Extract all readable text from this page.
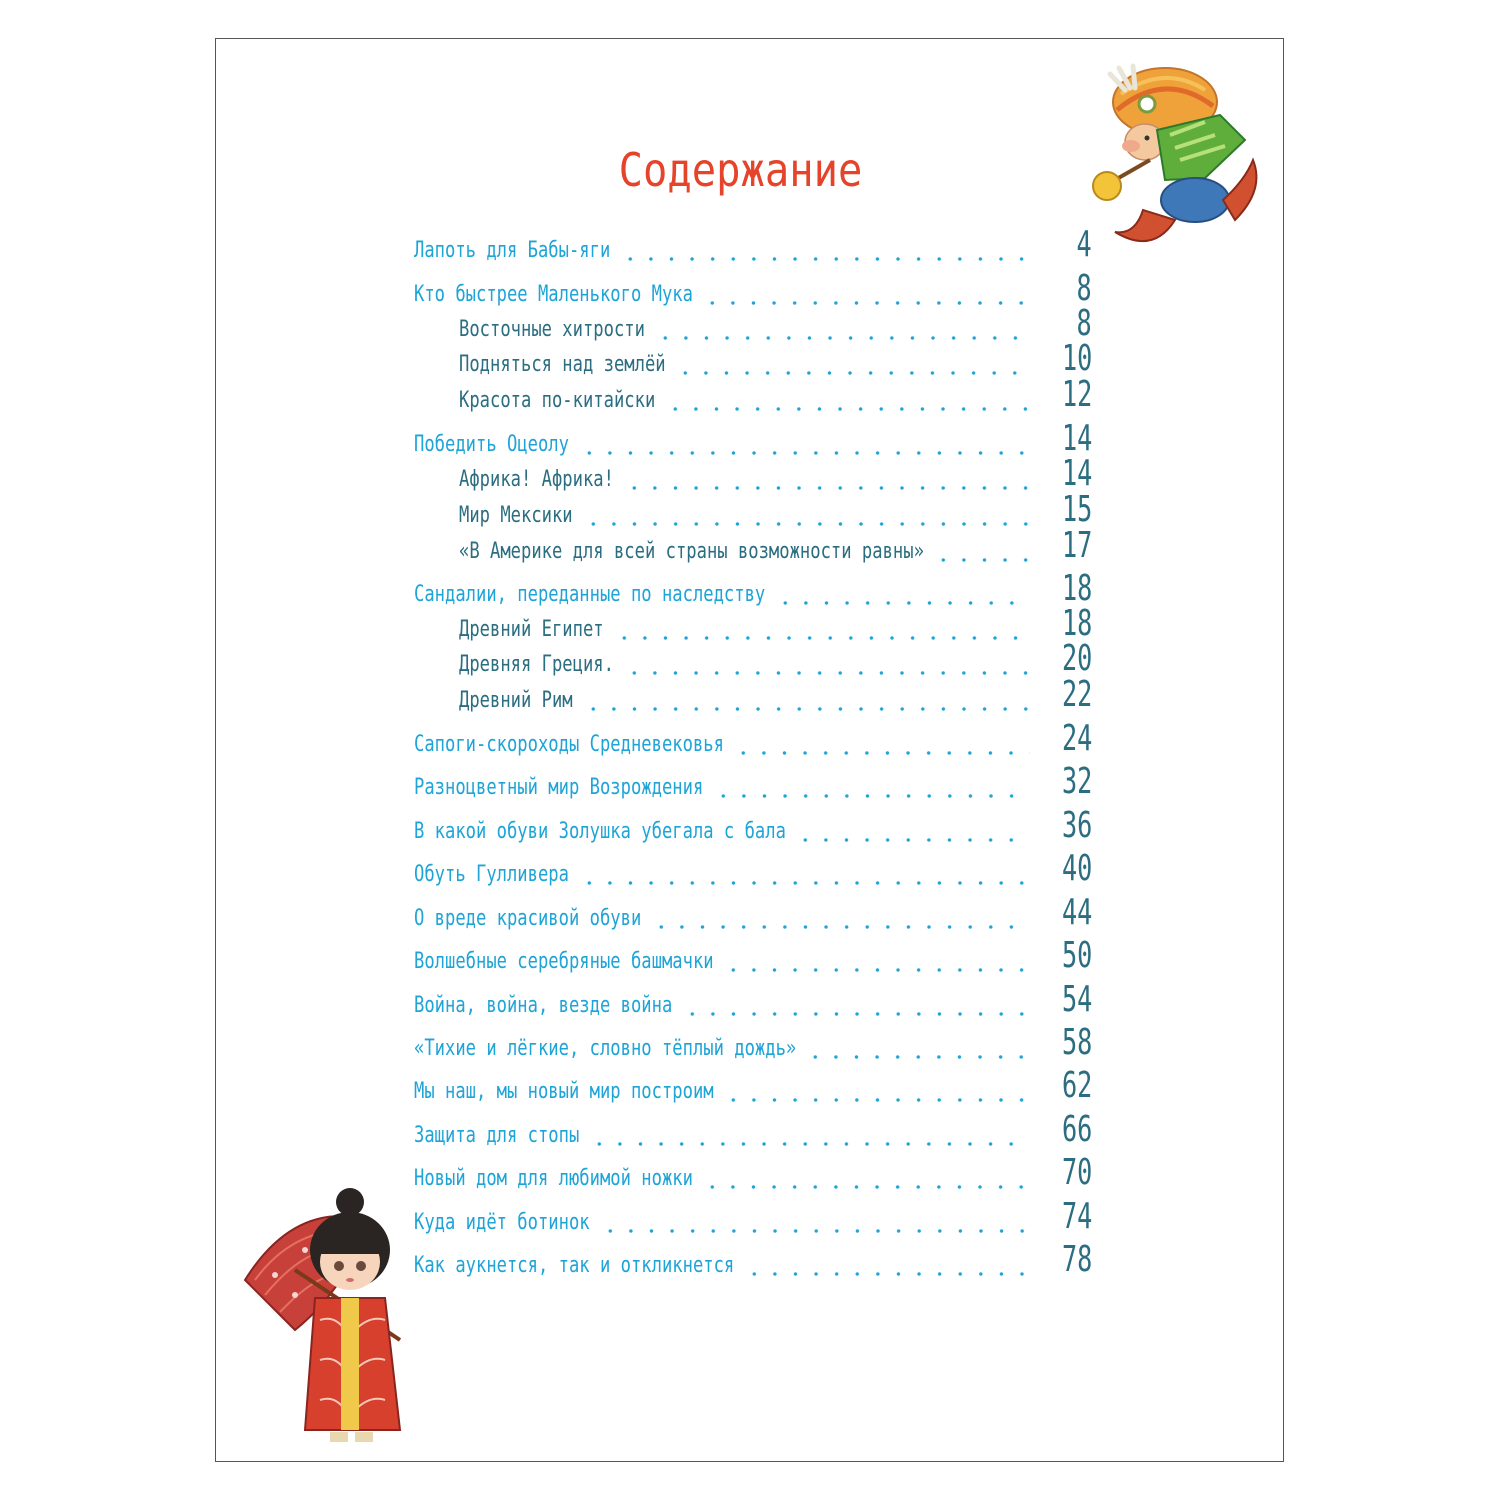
Содержание
Лапоть для Бабы-яги	4
Кто быстрее Маленького Мука	8
Восточные хитрости	8
Подняться над землёй	10
Красота по-китайски	12
Победить Оцеолу	14
Африка! Африка!	14
Мир Мексики	15
«В Америке для всей страны возможности равны»	17
Сандалии, переданные по наследству	18
Древний Египет	18
Древняя Греция.	20
Древний Рим	22
Сапоги-скороходы Средневековья	24
Разноцветный мир Возрождения	32
В какой обуви Золушка убегала с бала	36
Обуть Гулливера	40
О вреде красивой обуви	44
Волшебные серебряные башмачки	50
Война, война, везде война	54
«Тихие и лёгкие, словно тёплый дождь»	58
Мы наш, мы новый мир построим	62
Защита для стопы	66
Новый дом для любимой ножки	70
Куда идёт ботинок	74
Как аукнется, так и откликнется	78
